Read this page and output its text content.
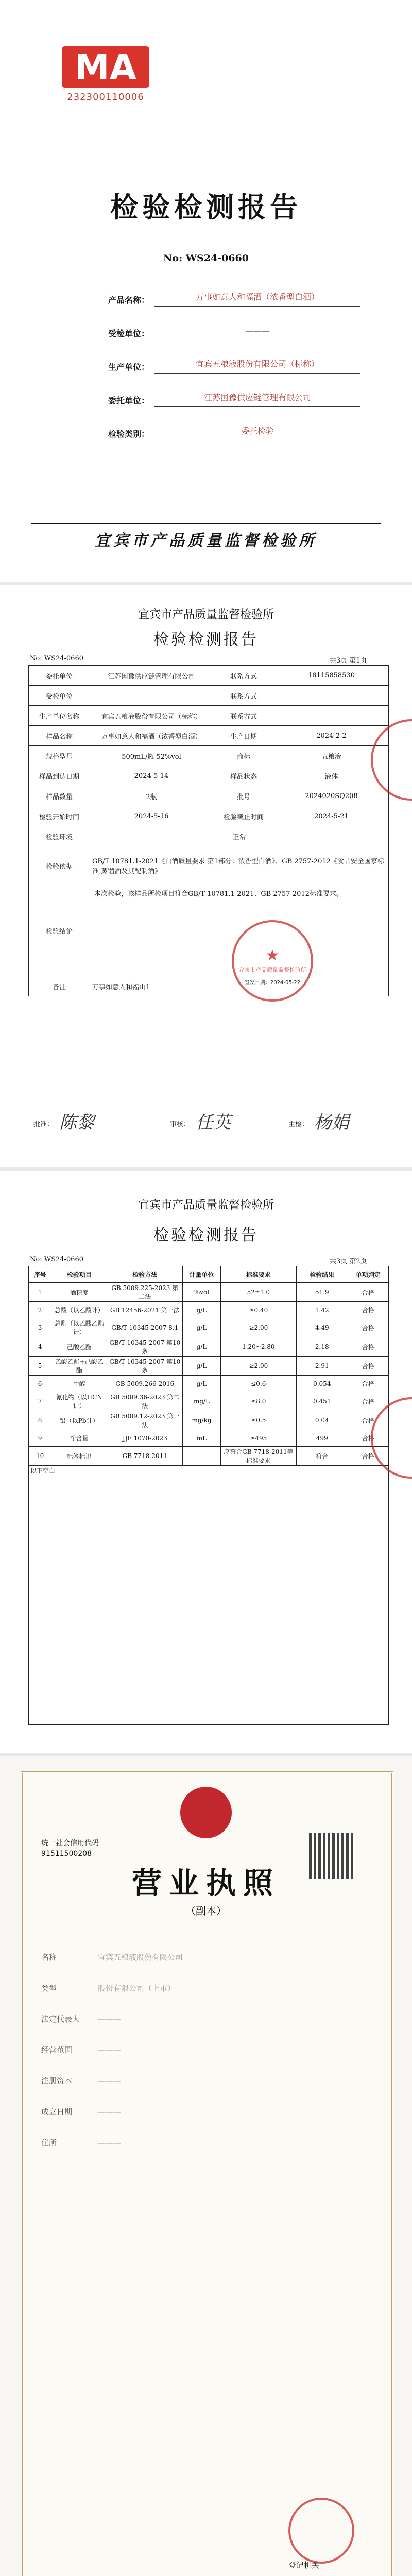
MA
232300110006
检验检测报告
No: WS24-0660
产品名称：	万事如意人和福酒（浓香型白酒）
受检单位：	———
生产单位：	宜宾五粮液股份有限公司（标称）
委托单位：	江苏国豫供应链管理有限公司
检验类别：	委托检验
宜宾市产品质量监督检验所
宜宾市产品质量监督检验所
检验检测报告
No: WS24-0660	共3页 第1页
委托单位	江苏国豫供应链管理有限公司	联系方式	18115858530
受检单位	———	联系方式	———
生产单位名称	宜宾五粮液股份有限公司（标称）	联系方式	———
样品名称	万事如意人和福酒（浓香型白酒）	生产日期	2024-2-2
规格型号	500mL/瓶 52%vol	商标	五粮液
样品到达日期	2024-5-14	样品状态	液体
样品数量	2瓶	批号	2024020SQ208
检验开始时间	2024-5-16	检验截止时间	2024-5-21
检验环境	正常		
检验依据	GB/T 10781.1-2021《白酒质量要求 第1部分：浓香型白酒》、GB 2757-2012《食品安全国家标准 蒸馏酒及其配制酒》		
检验结论	本次检验，该样品所检项目符合GB/T 10781.1-2021、GB 2757-2012标准要求。		
备注	万事如意人和福山1		
★
宜宾市产品质量监督检验所
签发日期：2024-05-22
批准： 陈黎	审核： 任英	主检： 杨娟
宜宾市产品质量监督检验所
检验检测报告
No: WS24-0660	共3页 第2页
序号	检验项目	检验方法	计量单位	标准要求	检验结果	单项判定
1	酒精度	GB 5009.225-2023 第二法	%vol	52±1.0	51.9	合格
2	总酸（以乙酸计）	GB 12456-2021 第一法	g/L	≥0.40	1.42	合格
3	总酯（以乙酸乙酯计）	GB/T 10345-2007 8.1	g/L	≥2.00	4.49	合格
4	己酸乙酯	GB/T 10345-2007 第10条	g/L	1.20~2.80	2.18	合格
5	乙酸乙酯+己酸乙酯	GB/T 10345-2007 第10条	g/L	≥2.00	2.91	合格
6	甲醇	GB 5009.266-2016	g/L	≤0.6	0.054	合格
7	氰化物（以HCN计）	GB 5009.36-2023 第二法	mg/L	≤8.0	0.451	合格
8	铅（以Pb计）	GB 5009.12-2023 第一法	mg/kg	≤0.5	0.04	合格
9	净含量	JJF 1070-2023	mL	≥495	499	合格
10	标签标识	GB 7718-2011	—	应符合GB 7718-2011等标准要求	符合	合格
以下空白						
统一社会信用代码
91511500208
营业执照
（副本）
名称	宜宾五粮液股份有限公司
类型	股份有限公司（上市）
法定代表人 ———
经营范围	———
注册资本	———
成立日期	———
住所	———
登记机关
